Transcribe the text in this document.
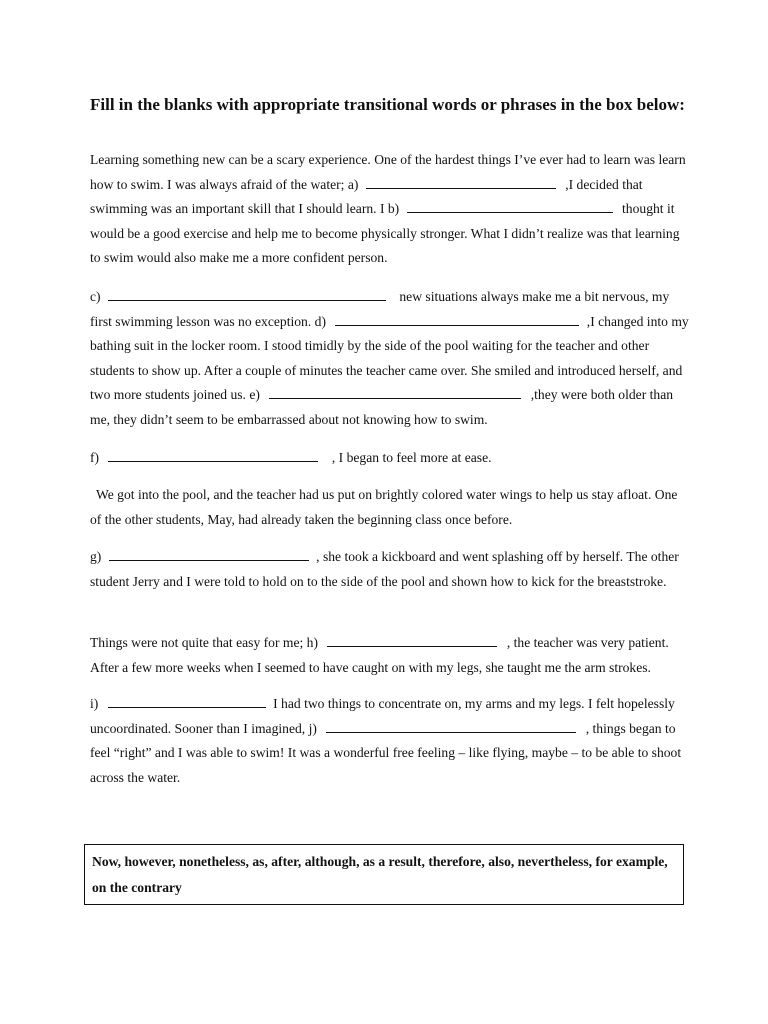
Fill in the blanks with appropriate transitional words or phrases in the box below:
Learning something new can be a scary experience. One of the hardest things I’ve ever had to learn was learn how to swim. I was always afraid of the water; a)	,I decided that swimming was an important skill that I should learn. I b)	thought it would be a good exercise and help me to become physically stronger. What I didn’t realize was that learning to swim would also make me a more confident person.
c)	new situations always make me a bit nervous, my first swimming lesson was no exception. d)	,I changed into my bathing suit in the locker room. I stood timidly by the side of the pool waiting for the teacher and other students to show up. After a couple of minutes the teacher came over. She smiled and introduced herself, and two more students joined us. e)	,they were both older than me, they didn’t seem to be embarrassed about not knowing how to swim.
f)	, I began to feel more at ease.
We got into the pool, and the teacher had us put on brightly colored water wings to help us stay afloat. One of the other students, May, had already taken the beginning class once before.
g)	, she took a kickboard and went splashing off by herself. The other student Jerry and I were told to hold on to the side of the pool and shown how to kick for the breaststroke.
Things were not quite that easy for me; h)	, the teacher was very patient. After a few more weeks when I seemed to have caught on with my legs, she taught me the arm strokes.
i)	I had two things to concentrate on, my arms and my legs. I felt hopelessly uncoordinated. Sooner than I imagined, j)	, things began to feel “right” and I was able to swim! It was a wonderful free feeling – like flying, maybe – to be able to shoot across the water.
Now, however, nonetheless, as, after, although, as a result, therefore, also, nevertheless, for example, on the contrary
